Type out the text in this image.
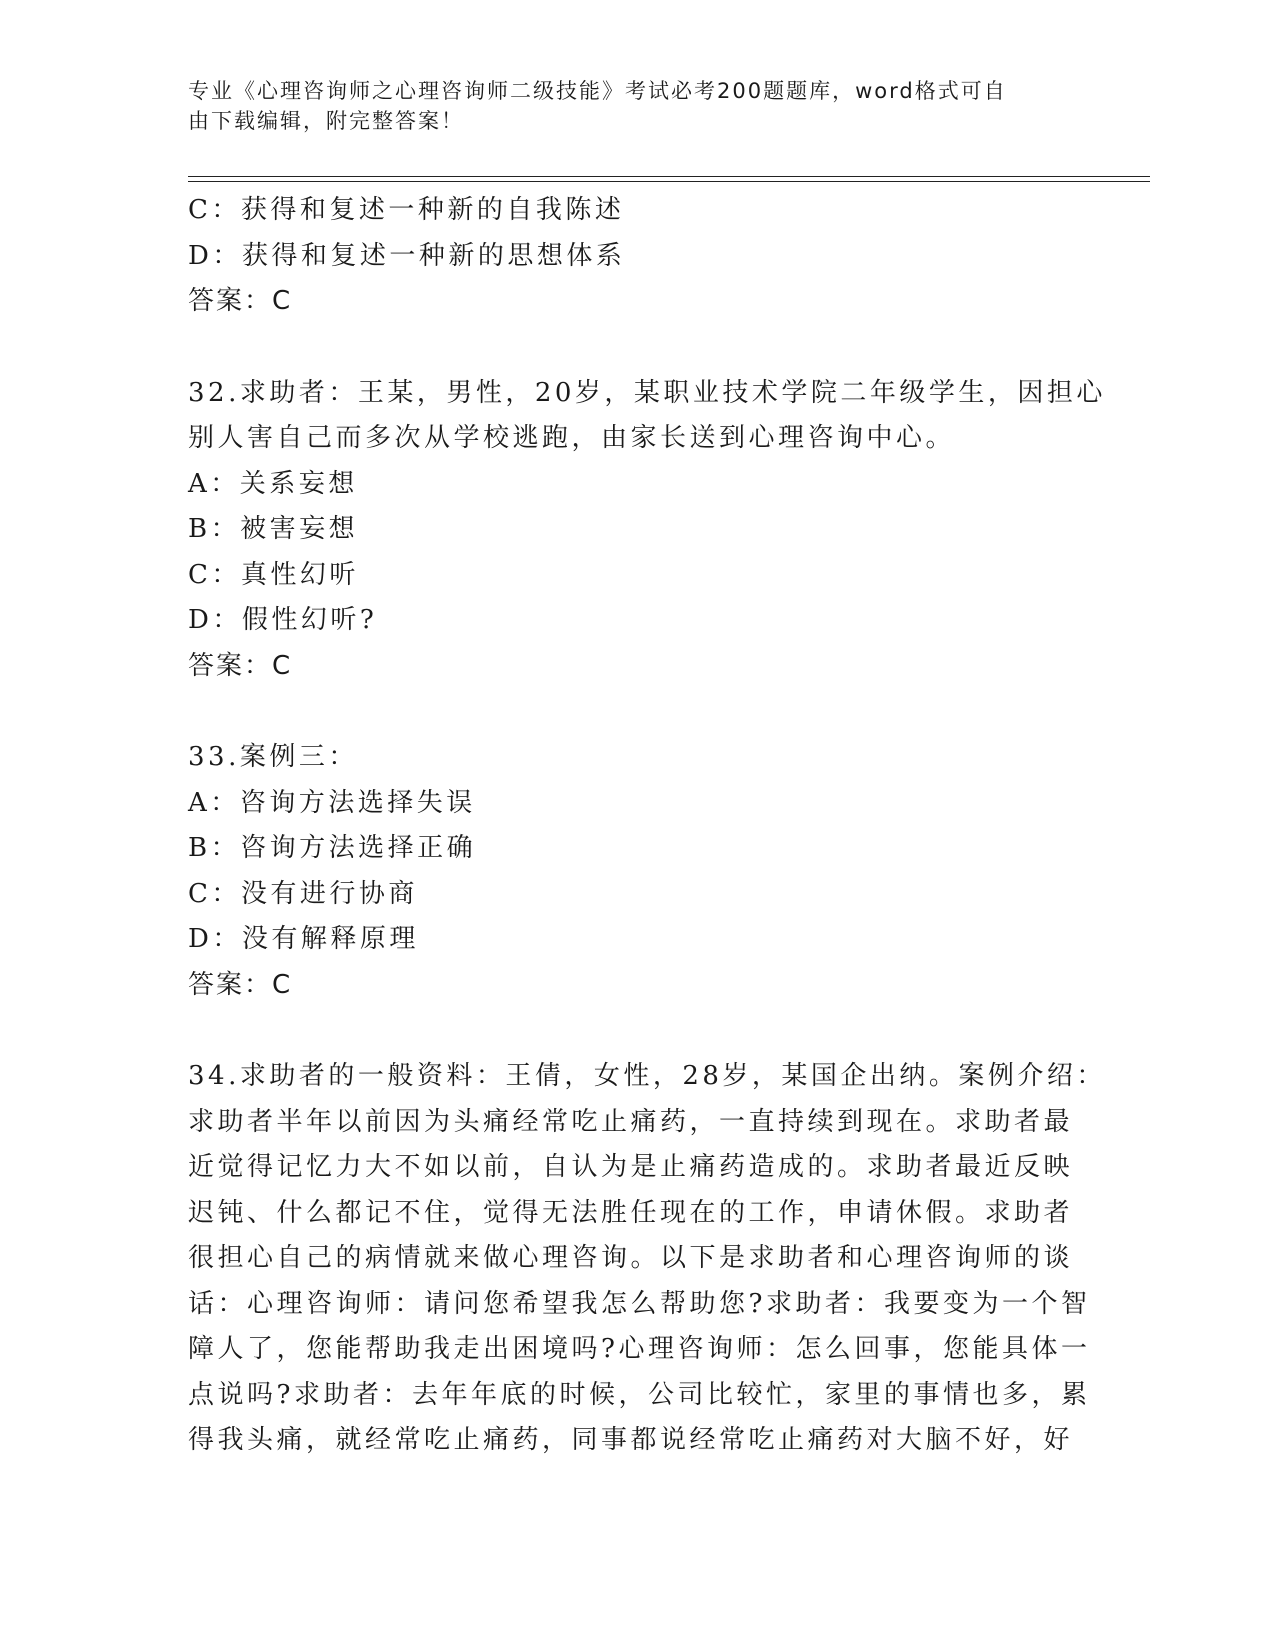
专业《心理咨询师之心理咨询师二级技能》考试必考200题题库，word格式可自
由下载编辑，附完整答案！
C：获得和复述一种新的自我陈述
D：获得和复述一种新的思想体系
答案：C
32.求助者：王某，男性，20岁，某职业技术学院二年级学生，因担心
别人害自己而多次从学校逃跑，由家长送到心理咨询中心。
A：关系妄想
B：被害妄想
C：真性幻听
D：假性幻听?
答案：C
33.案例三：
A：咨询方法选择失误
B：咨询方法选择正确
C：没有进行协商
D：没有解释原理
答案：C
34.求助者的一般资料：王倩，女性，28岁，某国企出纳。案例介绍：
求助者半年以前因为头痛经常吃止痛药，一直持续到现在。求助者最
近觉得记忆力大不如以前，自认为是止痛药造成的。求助者最近反映
迟钝、什么都记不住，觉得无法胜任现在的工作，申请休假。求助者
很担心自己的病情就来做心理咨询。以下是求助者和心理咨询师的谈
话：心理咨询师：请问您希望我怎么帮助您?求助者：我要变为一个智
障人了，您能帮助我走出困境吗?心理咨询师：怎么回事，您能具体一
点说吗?求助者：去年年底的时候，公司比较忙，家里的事情也多，累
得我头痛，就经常吃止痛药，同事都说经常吃止痛药对大脑不好，好
